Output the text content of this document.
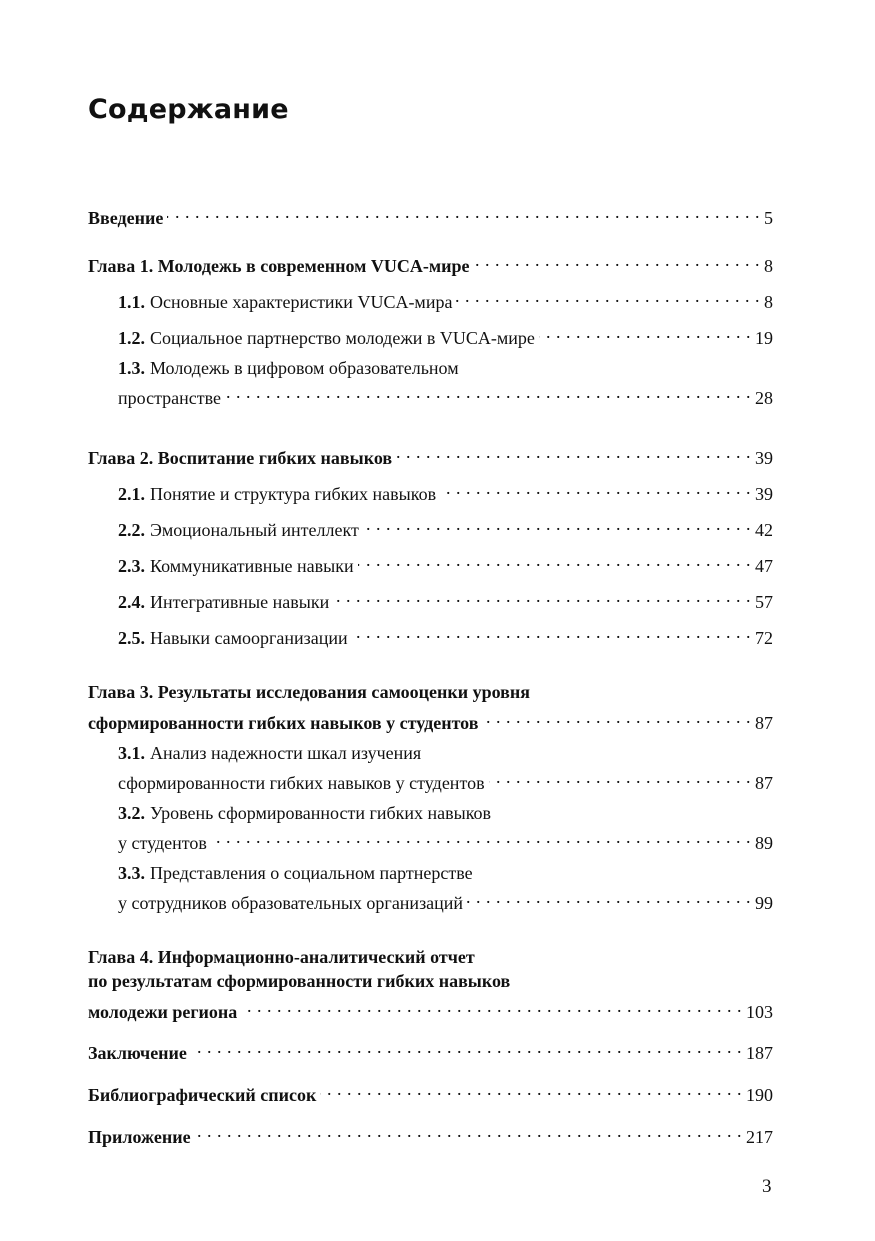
Содержание
Введение . . .	5
Глава 1. Молодежь в современном VUCA-мире . . .	8
1.1. Основные характеристики VUCA-мира . . .	8
1.2. Социальное партнерство молодежи в VUCA-мире . . .	19
1.3. Молодежь в цифровом образовательном
пространстве . . .	28
Глава 2. Воспитание гибких навыков . . .	39
2.1. Понятие и структура гибких навыков . . .	39
2.2. Эмоциональный интеллект . . .	42
2.3. Коммуникативные навыки . . .	47
2.4. Интегративные навыки . . .	57
2.5. Навыки самоорганизации . . .	72
Глава 3. Результаты исследования самооценки уровня
сформированности гибких навыков у студентов . . .	87
3.1. Анализ надежности шкал изучения
сформированности гибких навыков у студентов . . .	87
3.2. Уровень сформированности гибких навыков
у студентов . . .	89
3.3. Представления о социальном партнерстве
у сотрудников образовательных организаций . . .	99
Глава 4. Информационно-аналитический отчет
по результатам сформированности гибких навыков
молодежи региона . . .	103
Заключение . . .	187
Библиографический список . . .	190
Приложение . . .	217
3
